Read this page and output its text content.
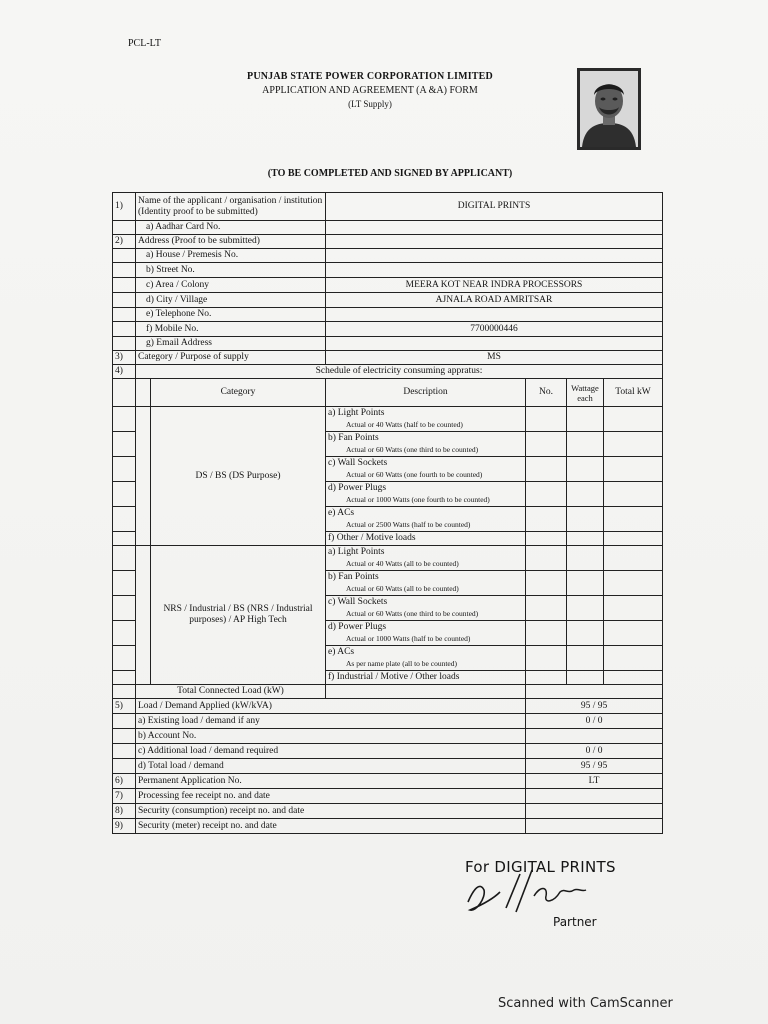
PCL-LT
PUNJAB STATE POWER CORPORATION LIMITED
APPLICATION AND AGREEMENT (A &A) FORM
(LT Supply)
(TO BE COMPLETED AND SIGNED BY APPLICANT)
1)	Name of the applicant / organisation / institution (Identity proof to be submitted)		DIGITAL PRINTS			
	a) Aadhar Card No.					
2)	Address (Proof to be submitted)					
	a) House / Premesis No.					
	b) Street No.					
	c) Area / Colony		MEERA KOT NEAR INDRA PROCESSORS			
	d) City / Village		AJNALA ROAD AMRITSAR			
	e) Telephone No.					
	f) Mobile No.		7700000446			
	g) Email Address					
3)	Category / Purpose of supply		MS			
4)	Schedule of electricity consuming appratus:					
		Category	Description	No.	Wattage each	Total kW
		DS / BS (DS Purpose)	a) Light Points
Actual or 40 Watts (half to be counted)			

			b) Fan Points
Actual or 60 Watts (one third to be counted)			

			c) Wall Sockets
Actual or 60 Watts (one fourth to be counted)			

			d) Power Plugs
Actual or 1000 Watts (one fourth to be counted)			

			e) ACs
Actual or 2500 Watts (half to be counted)			

			f) Other / Motive loads			
		NRS / Industrial / BS (NRS / Industrial purposes) / AP High Tech	a) Light Points
Actual or 40 Watts (all to be counted)			

			b) Fan Points
Actual or 60 Watts (all to be counted)			

			c) Wall Sockets
Actual or 60 Watts (one third to be counted)			

			d) Power Plugs
Actual or 1000 Watts (half to be counted)			

			e) ACs
As per name plate (all to be counted)			

			f) Industrial / Motive / Other loads			
	Total Connected Load (kW)					
5)	Load / Demand Applied (kW/kVA)			95 / 95		
	a) Existing load / demand if any			0 / 0		
	b) Account No.					
	c) Additional load / demand required			0 / 0		
	d) Total load / demand			95 / 95		
6)	Permanent Application No.			LT		
7)	Processing fee receipt no. and date					
8)	Security (consumption) receipt no. and date					
9)	Security (meter) receipt no. and date					
For DIGITAL PRINTS
Partner
Scanned with CamScanner
